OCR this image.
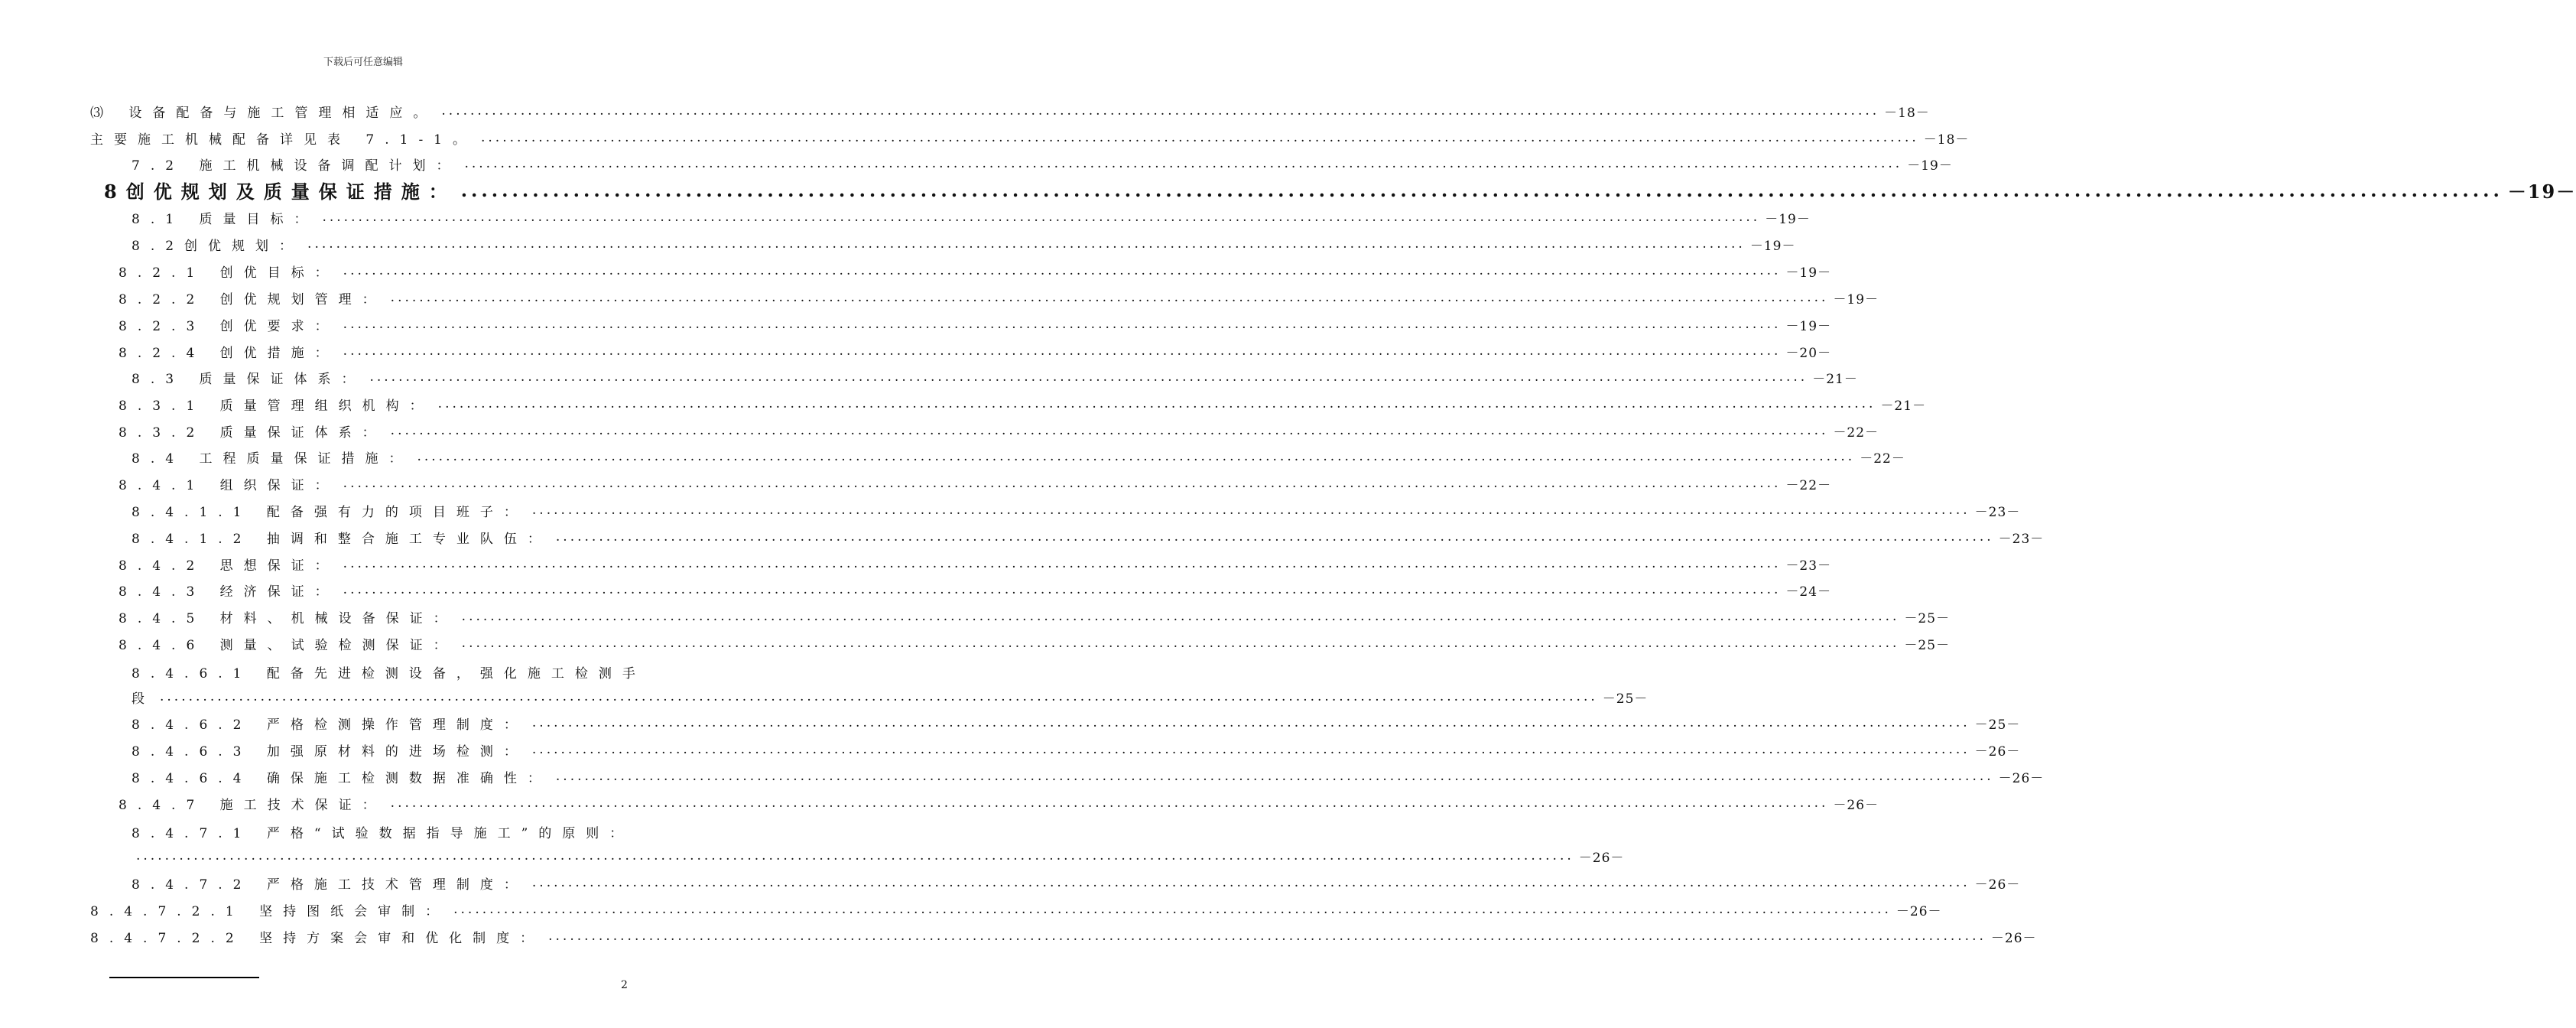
下载后可任意编辑
⑶ 设备配备与施工管理相适应。 ........................................................................................................................................................................................................ －18－
主要施工机械配备详见表 7.1-1。 ........................................................................................................................................................................................................ －18－
7.2 施工机械设备调配计划： ........................................................................................................................................................................................................ －19－
8创优规划及质量保证措施： ........................................................................................................................................................................................................ －19－
8.1 质量目标： ........................................................................................................................................................................................................ －19－
8.2创优规划： ........................................................................................................................................................................................................ －19－
8.2.1 创优目标： ........................................................................................................................................................................................................ －19－
8.2.2 创优规划管理： ........................................................................................................................................................................................................ －19－
8.2.3 创优要求： ........................................................................................................................................................................................................ －19－
8.2.4 创优措施： ........................................................................................................................................................................................................ －20－
8.3 质量保证体系： ........................................................................................................................................................................................................ －21－
8.3.1 质量管理组织机构： ........................................................................................................................................................................................................ －21－
8.3.2 质量保证体系： ........................................................................................................................................................................................................ －22－
8.4 工程质量保证措施： ........................................................................................................................................................................................................ －22－
8.4.1 组织保证： ........................................................................................................................................................................................................ －22－
8.4.1.1 配备强有力的项目班子： ........................................................................................................................................................................................................ －23－
8.4.1.2 抽调和整合施工专业队伍： ........................................................................................................................................................................................................ －23－
8.4.2 思想保证： ........................................................................................................................................................................................................ －23－
8.4.3 经济保证： ........................................................................................................................................................................................................ －24－
8.4.5 材料、机械设备保证： ........................................................................................................................................................................................................ －25－
8.4.6 测量、试验检测保证： ........................................................................................................................................................................................................ －25－
8.4.6.1 配备先进检测设备，强化施工检测手
段 ........................................................................................................................................................................................................ －25－
8.4.6.2 严格检测操作管理制度： ........................................................................................................................................................................................................ －25－
8.4.6.3 加强原材料的进场检测： ........................................................................................................................................................................................................ －26－
8.4.6.4 确保施工检测数据准确性： ........................................................................................................................................................................................................ －26－
8.4.7 施工技术保证： ........................................................................................................................................................................................................ －26－
8.4.7.1 严格“试验数据指导施工”的原则：
........................................................................................................................................................................................................ －26－
8.4.7.2 严格施工技术管理制度： ........................................................................................................................................................................................................ －26－
8.4.7.2.1 坚持图纸会审制： ........................................................................................................................................................................................................ －26－
8.4.7.2.2 坚持方案会审和优化制度： ........................................................................................................................................................................................................ －26－
2
